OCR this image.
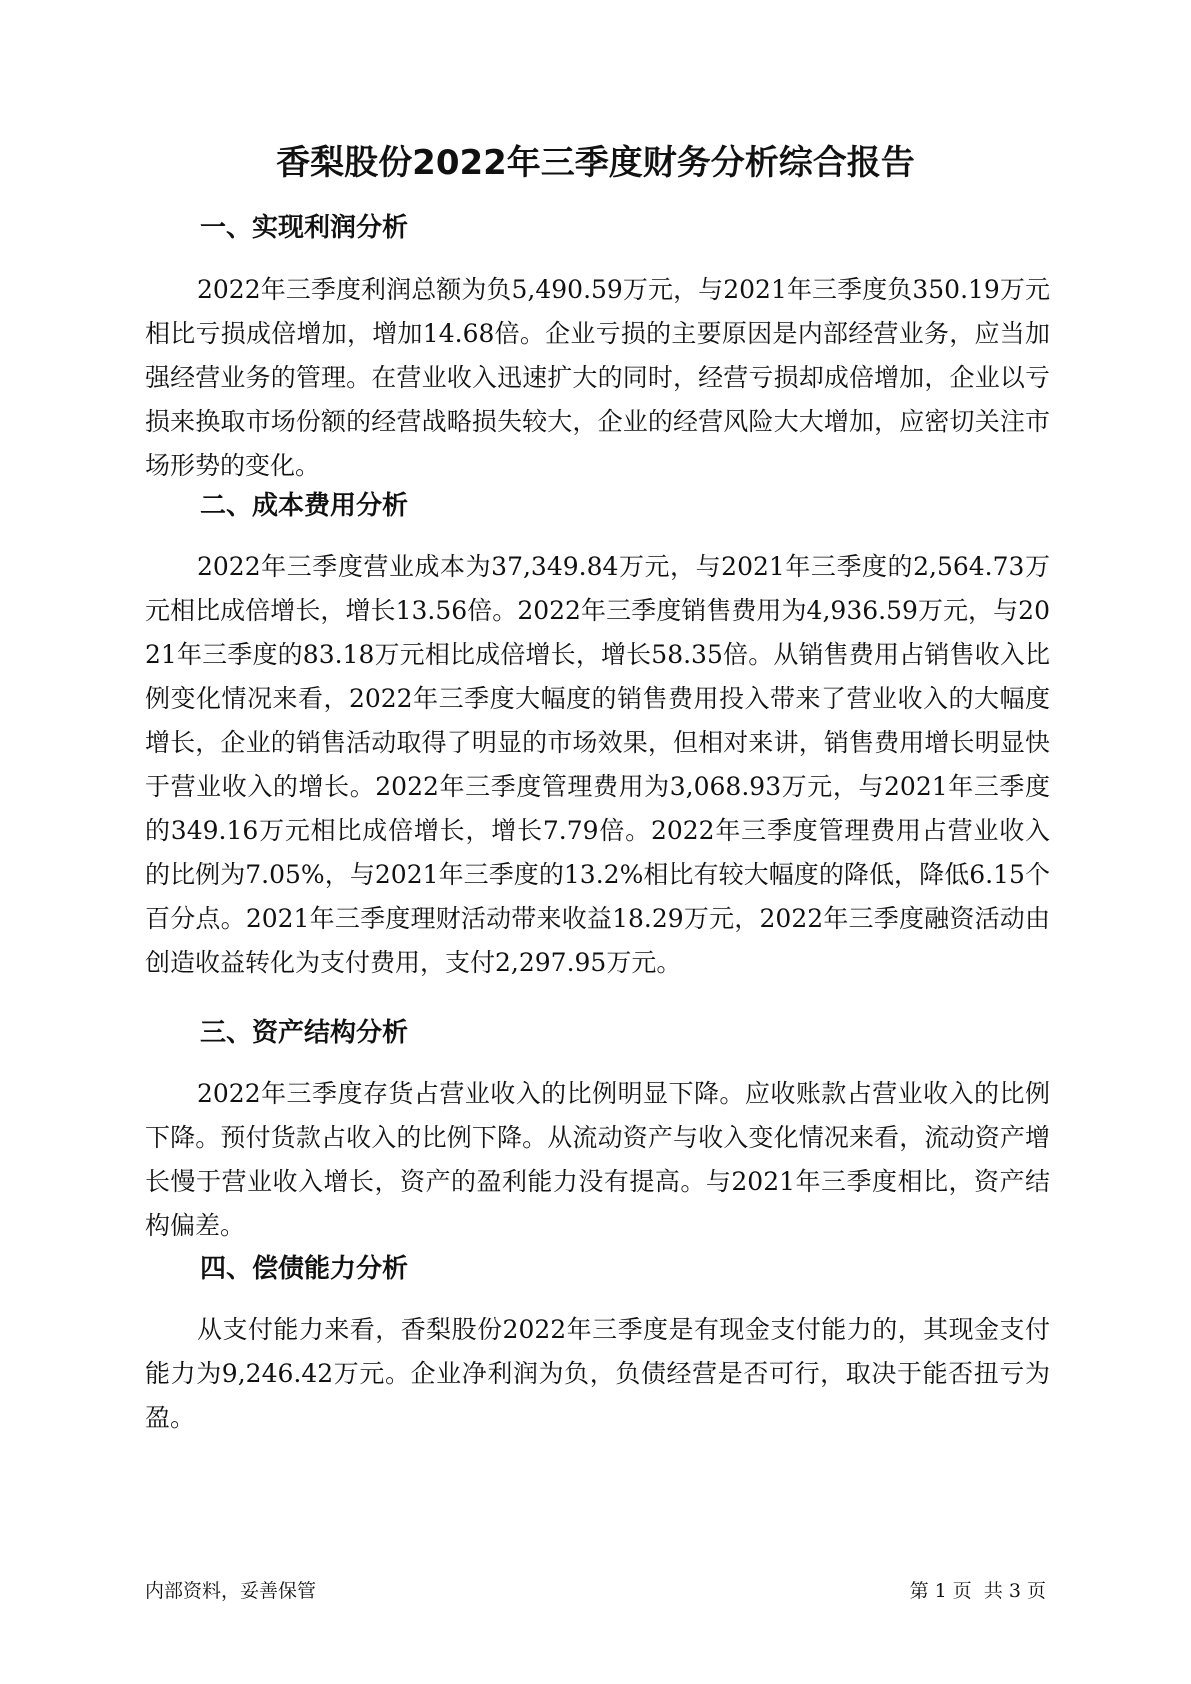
香梨股份2022年三季度财务分析综合报告
一、实现利润分析

2022年三季度利润总额为负5,490.59万元，与2021年三季度负350.19万元相比亏损成倍增加，增加14.68倍。企业亏损的主要原因是内部经营业务，应当加强经营业务的管理。在营业收入迅速扩大的同时，经营亏损却成倍增加，企业以亏损来换取市场份额的经营战略损失较大，企业的经营风险大大增加，应密切关注市场形势的变化。

二、成本费用分析

2022年三季度营业成本为37,349.84万元，与2021年三季度的2,564.73万元相比成倍增长，增长13.56倍。2022年三季度销售费用为4,936.59万元，与2021年三季度的83.18万元相比成倍增长，增长58.35倍。从销售费用占销售收入比例变化情况来看，2022年三季度大幅度的销售费用投入带来了营业收入的大幅度增长，企业的销售活动取得了明显的市场效果，但相对来讲，销售费用增长明显快于营业收入的增长。2022年三季度管理费用为3,068.93万元，与2021年三季度的349.16万元相比成倍增长，增长7.79倍。2022年三季度管理费用占营业收入的比例为7.05%，与2021年三季度的13.2%相比有较大幅度的降低，降低6.15个百分点。2021年三季度理财活动带来收益18.29万元，2022年三季度融资活动由创造收益转化为支付费用，支付2,297.95万元。

三、资产结构分析

2022年三季度存货占营业收入的比例明显下降。应收账款占营业收入的比例下降。预付货款占收入的比例下降。从流动资产与收入变化情况来看，流动资产增长慢于营业收入增长，资产的盈利能力没有提高。与2021年三季度相比，资产结构偏差。

四、偿债能力分析

从支付能力来看，香梨股份2022年三季度是有现金支付能力的，其现金支付能力为9,246.42万元。企业净利润为负，负债经营是否可行，取决于能否扭亏为盈。

内部资料，妥善保管	第 1 页  共 3 页
